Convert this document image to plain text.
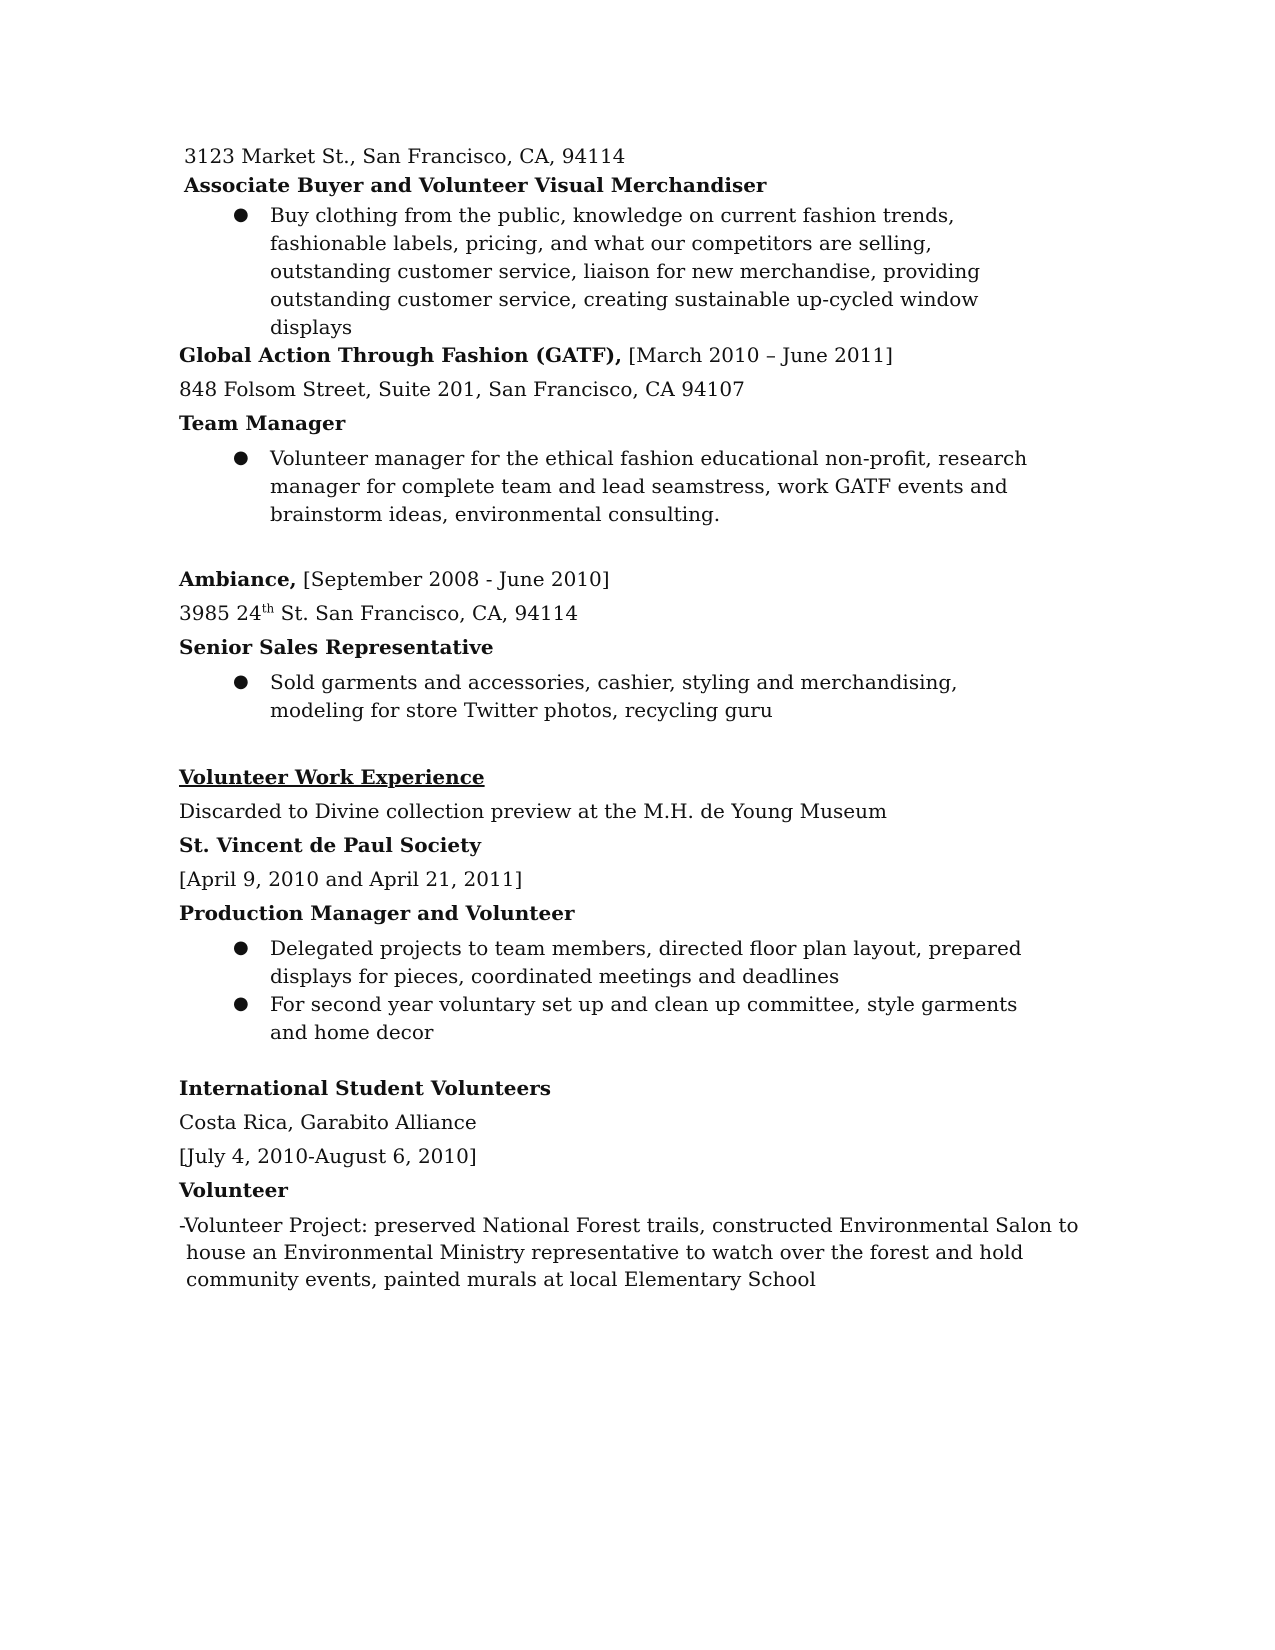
3123 Market St., San Francisco, CA, 94114
Associate Buyer and Volunteer Visual Merchandiser
● Buy clothing from the public, knowledge on current fashion trends, fashionable labels, pricing, and what our competitors are selling, outstanding customer service, liaison for new merchandise, providing outstanding customer service, creating sustainable up-cycled window displays
Global Action Through Fashion (GATF), [March 2010 – June 2011]
848 Folsom Street, Suite 201, San Francisco, CA 94107
Team Manager
● Volunteer manager for the ethical fashion educational non-profit, research manager for complete team and lead seamstress, work GATF events and brainstorm ideas, environmental consulting.
Ambiance, [September 2008 - June 2010]
3985 24th St. San Francisco, CA, 94114
Senior Sales Representative
● Sold garments and accessories, cashier, styling and merchandising, modeling for store Twitter photos, recycling guru
Volunteer Work Experience
Discarded to Divine collection preview at the M.H. de Young Museum
St. Vincent de Paul Society
[April 9, 2010 and April 21, 2011]
Production Manager and Volunteer
● Delegated projects to team members, directed floor plan layout, prepared displays for pieces, coordinated meetings and deadlines
● For second year voluntary set up and clean up committee, style garments and home decor
International Student Volunteers
Costa Rica, Garabito Alliance
[July 4, 2010-August 6, 2010]
Volunteer
-Volunteer Project: preserved National Forest trails, constructed Environmental Salon to
house an Environmental Ministry representative to watch over the forest and hold
community events, painted murals at local Elementary School
